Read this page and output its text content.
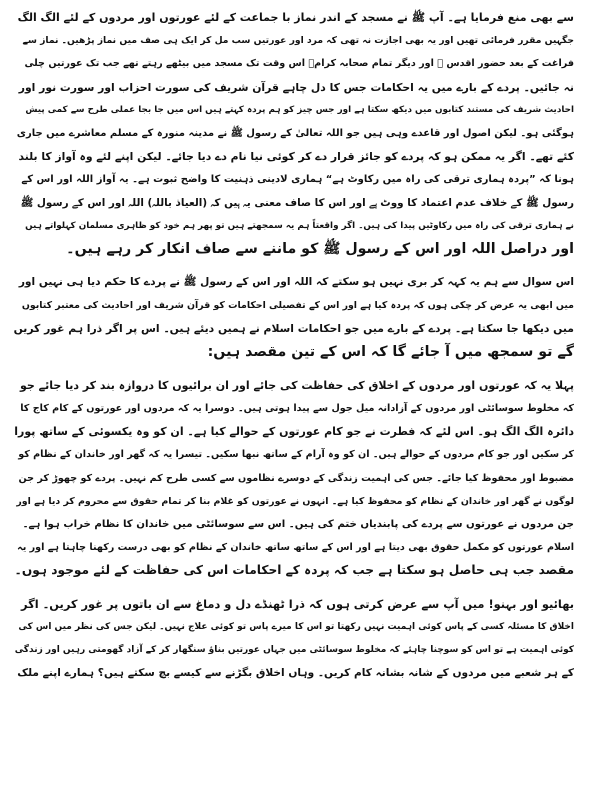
سے بھی منع فرمایا ہے۔ آپ ﷺ نے مسجد کے اندر نماز با جماعت کے لئے عورتوں اور مردوں کے لئے الگ الگ
جگہیں مقرر فرمائی تھیں اور یہ بھی اجازت نہ تھی کہ مرد اور عورتیں سب مل کر ایک ہی صف میں نماز پڑھیں۔ نماز سے
فراغت کے بعد حضور اقدس ﷺ اور دیگر تمام صحابہ کرامؓ اس وقت تک مسجد میں بیٹھے رہتے تھے جب تک عورتیں چلی
نہ جائیں۔ پردے کے بارے میں یہ احکامات جس کا دل چاہے قرآن شریف کی سورت احزاب اور سورت نور اور
احادیث شریف کی مستند کتابوں میں دیکھ سکتا ہے اور جس چیز کو ہم پردہ کہتے ہیں اس میں جا بجا عملی طرح سے کمی پیش
ہوگئی ہو۔ لیکن اصول اور قاعدے وہی ہیں جو اللہ تعالیٰ کے رسول ﷺ نے مدینہ منورہ کے مسلم معاشرے میں جاری
کئے تھے۔ اگر یہ ممکن ہو کہ پردے کو جائز قرار دے کر کوئی نیا نام دے دیا جائے۔ لیکن اپنے لئے وہ آواز کا بلند
ہونا کہ ”پردہ ہماری ترقی کی راہ میں رکاوٹ ہے“ ہماری لادینی ذہنیت کا واضح ثبوت ہے۔ یہ آواز اللہ اور اس کے
رسول ﷺ کے خلاف عدم اعتماد کا ووٹ ہے اور اس کا صاف معنی یہ ہیں کہ (العیاذ باللہ) اللہ اور اس کے رسول ﷺ
نے ہماری ترقی کی راہ میں رکاوٹیں پیدا کی ہیں۔ اگر واقعتاً ہم یہ سمجھتے ہیں تو پھر ہم خود کو ظاہری مسلمان کہلواتے ہیں
اور دراصل اللہ اور اس کے رسول ﷺ کو ماننے سے صاف انکار کر رہے ہیں۔
اس سوال سے ہم یہ کہہ کر بری نہیں ہو سکتے کہ اللہ اور اس کے رسول ﷺ نے پردے کا حکم دیا ہی نہیں اور
میں ابھی یہ عرض کر چکی ہوں کہ پردہ کیا ہے اور اس کے تفصیلی احکامات کو قرآن شریف اور احادیث کی معتبر کتابوں
میں دیکھا جا سکتا ہے۔ پردے کے بارے میں جو احکامات اسلام نے ہمیں دیئے ہیں۔ اس پر اگر ذرا ہم غور کریں
گے تو سمجھ میں آ جائے گا کہ اس کے تین مقصد ہیں:
پہلا یہ کہ عورتوں اور مردوں کے اخلاق کی حفاظت کی جائے اور ان برائیوں کا دروازہ بند کر دیا جائے جو
کہ مخلوط سوسائٹی اور مردوں کے آزادانہ میل جول سے پیدا ہوتی ہیں۔ دوسرا یہ کہ مردوں اور عورتوں کے کام کاج کا
دائرہ الگ الگ ہو۔ اس لئے کہ فطرت نے جو کام عورتوں کے حوالے کیا ہے۔ ان کو وہ یکسوئی کے ساتھ پورا
کر سکیں اور جو کام مردوں کے حوالے ہیں۔ ان کو وہ آرام کے ساتھ نبھا سکیں۔ تیسرا یہ کہ گھر اور خاندان کے نظام کو
مضبوط اور محفوظ کیا جائے۔ جس کی اہمیت زندگی کے دوسرے نظاموں سے کسی طرح کم نہیں۔ پردے کو چھوڑ کر جن
لوگوں نے گھر اور خاندان کے نظام کو محفوظ کیا ہے۔ انہوں نے عورتوں کو غلام بنا کر تمام حقوق سے محروم کر دیا ہے اور
جن مردوں نے عورتوں سے پردے کی پابندیاں ختم کی ہیں۔ اس سے سوسائٹی میں خاندان کا نظام خراب ہوا ہے۔
اسلام عورتوں کو مکمل حقوق بھی دیتا ہے اور اس کے ساتھ ساتھ خاندان کے نظام کو بھی درست رکھنا چاہتا ہے اور یہ
مقصد جب ہی حاصل ہو سکتا ہے جب کہ پردہ کے احکامات اس کی حفاظت کے لئے موجود ہوں۔
بھائیو اور بہنو! میں آپ سے عرض کرتی ہوں کہ ذرا ٹھنڈے دل و دماغ سے ان باتوں پر غور کریں۔ اگر
اخلاق کا مسئلہ کسی کے پاس کوئی اہمیت نہیں رکھتا تو اس کا میرے پاس تو کوئی علاج نہیں۔ لیکن جس کی نظر میں اس کی
کوئی اہمیت ہے تو اس کو سوچنا چاہئے کہ مخلوط سوسائٹی میں جہاں عورتیں بناؤ سنگھار کر کے آزاد گھومتی رہیں اور زندگی
کے ہر شعبے میں مردوں کے شانہ بشانہ کام کریں۔ وہاں اخلاق بگڑنے سے کیسے بچ سکتے ہیں؟ ہمارے اپنے ملک
